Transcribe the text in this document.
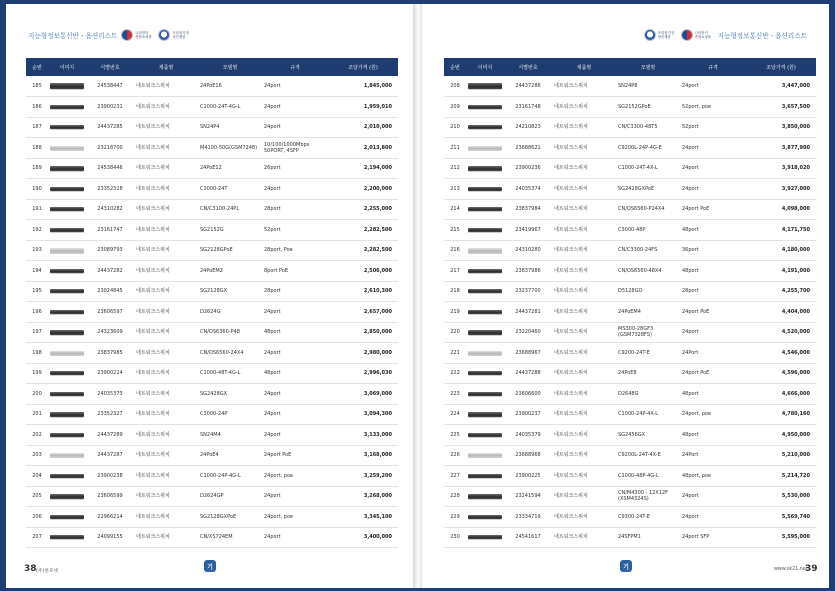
지능형정보통신반 - 옵션리스트	나라장터
종합쇼핑몰
조달청지정
혁신제품
순번	이미지	식별번호	제품명	모델명	규격	조달가격 (원)
185		24538447	네트워크스위치	24PoE16	24port	1,845,000
186		23900231	네트워크스위치	C1000-24T-4G-L	24port	1,959,010
187		24437285	네트워크스위치	SN24P4	24port	2,010,000
188		23218700	네트워크스위치	M4100-50G(GSM7248)	10/100/1000Mbps 50PORT, 4SFP	2,013,800
189		24538446	네트워크스위치	24PoE12	26port	2,194,000
190		23352328	네트워크스위치	C3000-24T	24port	2,200,000
191		24310282	네트워크스위치	CN/C3100-24PL	28port	2,255,000
192		23161747	네트워크스위치	SG2152G	52port	2,282,500
193		23089793	네트워크스위치	SG2128GPoE	28port, Poe	2,282,500
194		24437282	네트워크스위치	24PoEM2	8port PoE	2,506,000
195		23024845	네트워크스위치	SG2128GX	28port	2,610,300
196		23606597	네트워크스위치	D2624G	24port	2,657,000
197		24323609	네트워크스위치	CN/OS6360-P48	48port	2,850,000
198		23837985	네트워크스위치	CN/OS6560-24X4	24port	2,980,000
199		23900224	네트워크스위치	C1000-48T-4G-L	48port	2,996,030
200		24035373	네트워크스위치	SG2428GX	24port	3,069,000
201		23352327	네트워크스위치	C3000-24P	24port	3,094,300
202		24437289	네트워크스위치	SN24M4	24port	3,133,000
203		24437287	네트워크스위치	24PoE4	24port PoE	3,168,000
204		23900238	네트워크스위치	C1000-24P-4G-L	24port, poe	3,259,200
205		23606599	네트워크스위치	D2624GP	24port	3,268,000
206		22966214	네트워크스위치	SG2128GXPoE	24port, poe	3,345,100
207		24099155	네트워크스위치	CN/XS724EM	24port	3,400,000
38 (주)한포넷
기
조달청지정
혁신제품
나라장터
종합쇼핑몰	지능형정보통신반 - 옵션리스트
순번	이미지	식별번호	제품명	모델명	규격	조달가격 (원)
208		24437286	네트워크스위치	SN24P8	24port	3,447,000
209		23161748	네트워크스위치	SG2152GPoE	52port, poe	3,657,500
210		24210823	네트워크스위치	CN/C3300-48T5	52port	3,850,000
211		23688621	네트워크스위치	C9200L-24P-4G-E	24port	3,877,900
212		23900236	네트워크스위치	C1000-24T-4X-L	24port	3,918,020
213		24035374	네트워크스위치	SG2428GXPoE	24port	3,927,000
214		23837984	네트워크스위치	CN/OS6560-P24X4	24port PoE	4,098,000
215		23419967	네트워크스위치	C3000-48P	48port	4,171,750
216		24310280	네트워크스위치	CN/C3300-24FS	36port	4,180,000
217		23837986	네트워크스위치	CN/OS6560-48X4	48port	4,191,000
218		23237700	네트워크스위치	D5128GO	28port	4,255,700
219		24437281	네트워크스위치	24PoEM4	24port PoE	4,404,000
220		23220460	네트워크스위치	MS300-28GF3 (GSM7328FS)	24port	4,520,000
221		23688967	네트워크스위치	C9200-24T-E	24Port	4,546,000
222		24437288	네트워크스위치	24PoE8	24port PoE	4,596,000
223		23606600	네트워크스위치	D2648G	48port	4,666,000
224		23900237	네트워크스위치	C1000-24P-4X-L	24port, poe	4,780,160
225		24035379	네트워크스위치	SG2456GX	48port	4,950,000
226		23688968	네트워크스위치	C9200L-24T-4X-E	24Port	5,210,000
227		23900225	네트워크스위치	C1000-48P-4G-L	48port, poe	5,214,720
228		23241594	네트워크스위치	CN/M4300 - 12X12F (XSM4324S)	24port	5,530,000
229		23334719	네트워크스위치	C9300-24T-E	24port	5,569,740
230		24541617	네트워크스위치	24SFPM1	24port SFP	5,595,000
기	www.sk21.net
39
